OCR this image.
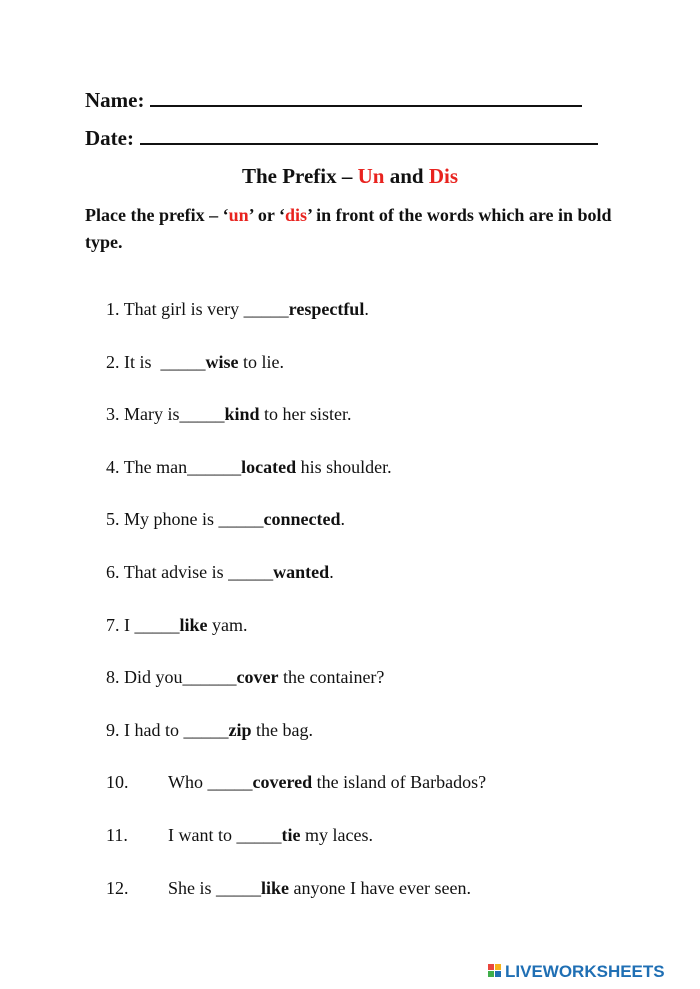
Name:
Date:
The Prefix – Un and Dis
Place the prefix – ‘un’ or ‘dis’ in front of the words which are in bold type.
1. That girl is very _____respectful.
2. It is  _____wise to lie.
3. Mary is_____kind to her sister.
4. The man______located his shoulder.
5. My phone is _____connected.
6. That advise is _____wanted.
7. I _____like yam.
8. Did you______cover the container?
9. I had to _____zip the bag.
10. Who _____covered the island of Barbados?
11. I want to _____tie my laces.
12. She is _____like anyone I have ever seen.
LIVEWORKSHEETS
